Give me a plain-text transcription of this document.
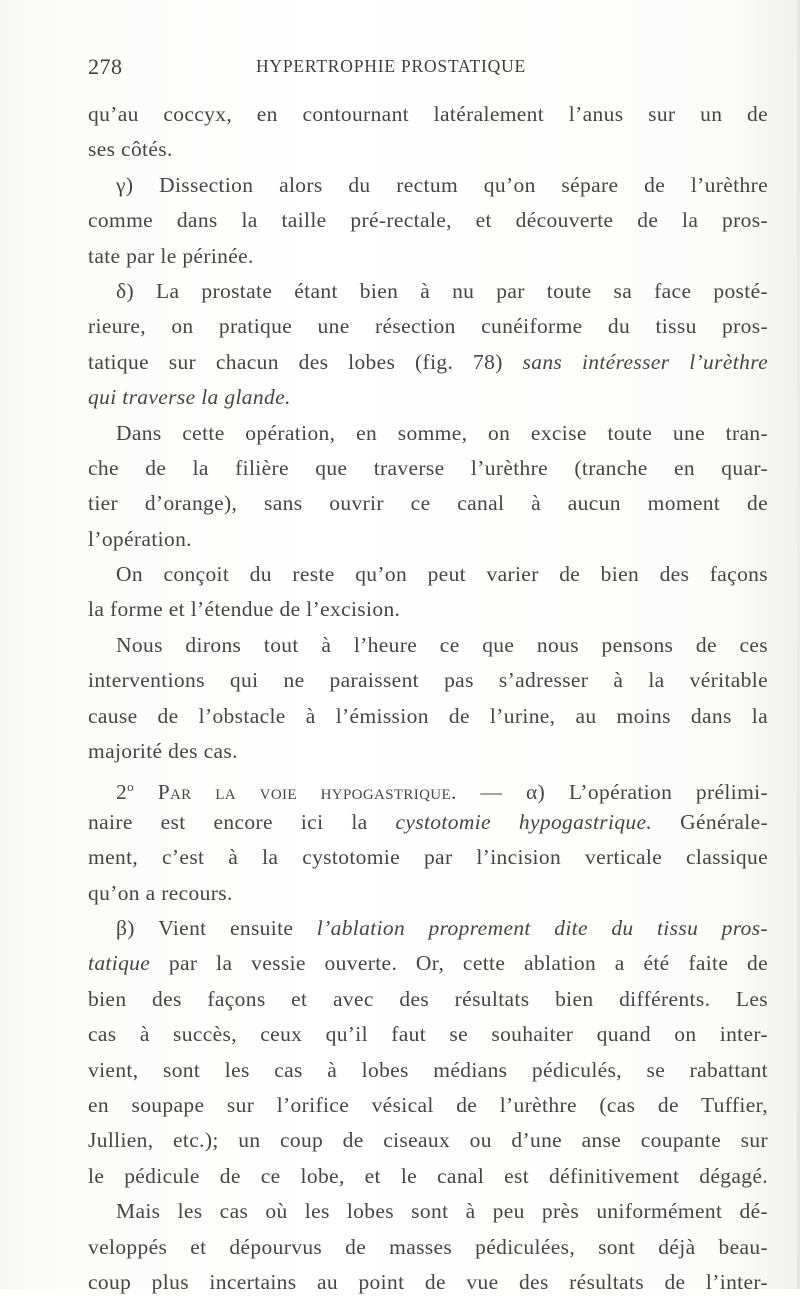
278	HYPERTROPHIE PROSTATIQUE
qu’au coccyx, en contournant latéralement l’anus sur un de
ses côtés.
γ) Dissection alors du rectum qu’on sépare de l’urèthre
comme dans la taille pré-rectale, et découverte de la pros-
tate par le périnée.
δ) La prostate étant bien à nu par toute sa face posté-
rieure, on pratique une résection cunéiforme du tissu pros-
tatique sur chacun des lobes (fig. 78) sans intéresser l’urèthre
qui traverse la glande.
Dans cette opération, en somme, on excise toute une tran-
che de la filière que traverse l’urèthre (tranche en quar-
tier d’orange), sans ouvrir ce canal à aucun moment de
l’opération.
On conçoit du reste qu’on peut varier de bien des façons
la forme et l’étendue de l’excision.
Nous dirons tout à l’heure ce que nous pensons de ces
interventions qui ne paraissent pas s’adresser à la véritable
cause de l’obstacle à l’émission de l’urine, au moins dans la
majorité des cas.
2$^o$ Par la voie hypogastrique. — α) L’opération prélimi-
naire est encore ici la cystotomie hypogastrique. Générale-
ment, c’est à la cystotomie par l’incision verticale classique
qu’on a recours.
β) Vient ensuite l’ablation proprement dite du tissu pros-
tatique par la vessie ouverte. Or, cette ablation a été faite de
bien des façons et avec des résultats bien différents. Les
cas à succès, ceux qu’il faut se souhaiter quand on inter-
vient, sont les cas à lobes médians pédiculés, se rabattant
en soupape sur l’orifice vésical de l’urèthre (cas de Tuffier,
Jullien, etc.); un coup de ciseaux ou d’une anse coupante sur
le pédicule de ce lobe, et le canal est définitivement dégagé.
Mais les cas où les lobes sont à peu près uniformément dé-
veloppés et dépourvus de masses pédiculées, sont déjà beau-
coup plus incertains au point de vue des résultats de l’inter-
